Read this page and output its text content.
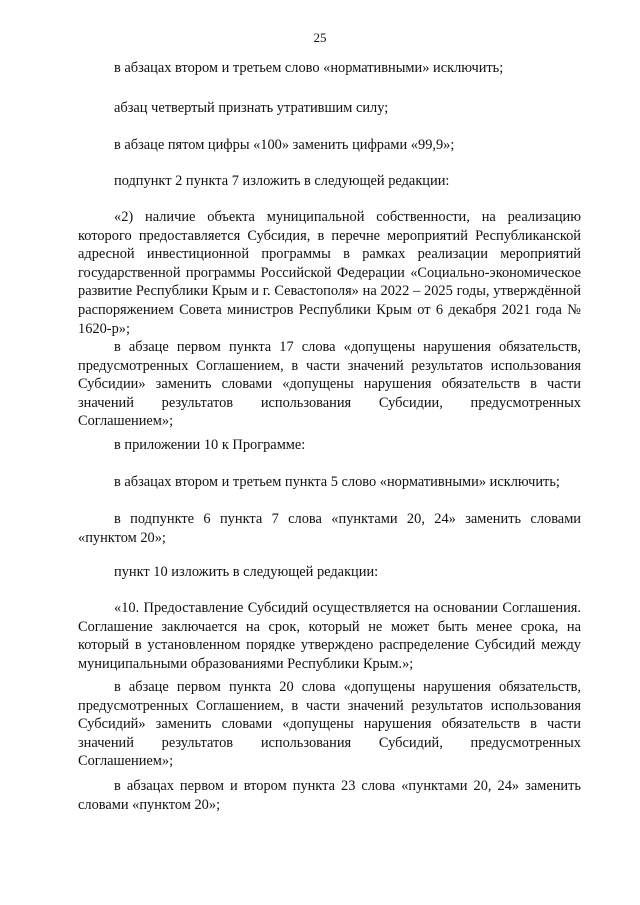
25

в абзацах втором и третьем слово «нормативными» исключить;

абзац четвертый признать утратившим силу;

в абзаце пятом цифры «100» заменить цифрами «99,9»;

подпункт 2 пункта 7 изложить в следующей редакции:

«2) наличие объекта муниципальной собственности, на реализацию которого предоставляется Субсидия, в перечне мероприятий Республиканской адресной инвестиционной программы в рамках реализации мероприятий государственной программы Российской Федерации «Социально-экономическое развитие Республики Крым и г. Севастополя» на 2022 – 2025 годы, утверждённой распоряжением Совета министров Республики Крым от 6 декабря 2021 года № 1620-р»;

в абзаце первом пункта 17 слова «допущены нарушения обязательств, предусмотренных Соглашением, в части значений результатов использования Субсидии» заменить словами «допущены нарушения обязательств в части значений результатов использования Субсидии, предусмотренных Соглашением»;

в приложении 10 к Программе:

в абзацах втором и третьем пункта 5 слово «нормативными» исключить;

в подпункте 6 пункта 7 слова «пунктами 20, 24» заменить словами «пунктом 20»;

пункт 10 изложить в следующей редакции:

«10. Предоставление Субсидий осуществляется на основании Соглашения. Соглашение заключается на срок, который не может быть менее срока, на который в установленном порядке утверждено распределение Субсидий между муниципальными образованиями Республики Крым.»;

в абзаце первом пункта 20 слова «допущены нарушения обязательств, предусмотренных Соглашением, в части значений результатов использования Субсидий» заменить словами «допущены нарушения обязательств в части значений результатов использования Субсидий, предусмотренных Соглашением»;

в абзацах первом и втором пункта 23 слова «пунктами 20, 24» заменить словами «пунктом 20»;
